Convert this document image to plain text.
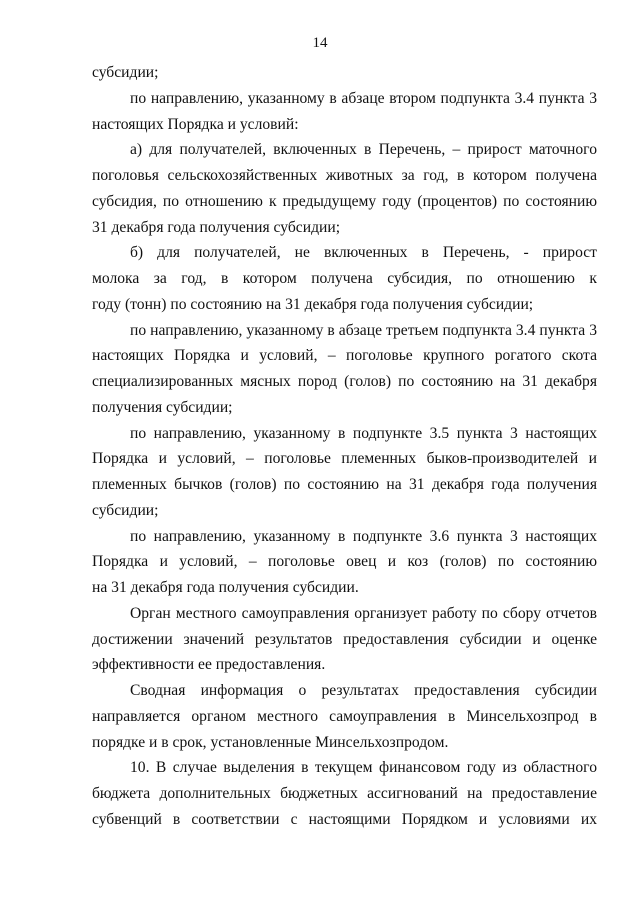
14
субсидии;
по направлению, указанному в абзаце втором подпункта 3.4 пункта 3
настоящих Порядка и условий:
а) для получателей, включенных в Перечень, – прирост маточного
поголовья сельскохозяйственных животных за год, в котором получена
субсидия, по отношению к предыдущему году (процентов) по состоянию
31 декабря года получения субсидии;
б) для получателей, не включенных в Перечень, - прирост
молока за год, в котором получена субсидия, по отношению к
году (тонн) по состоянию на 31 декабря года получения субсидии;
по направлению, указанному в абзаце третьем подпункта 3.4 пункта 3
настоящих Порядка и условий, – поголовье крупного рогатого скота
специализированных мясных пород (голов) по состоянию на 31 декабря
получения субсидии;
по направлению, указанному в подпункте 3.5 пункта 3 настоящих
Порядка и условий, – поголовье племенных быков-производителей и
племенных бычков (голов) по состоянию на 31 декабря года получения
субсидии;
по направлению, указанному в подпункте 3.6 пункта 3 настоящих
Порядка и условий, – поголовье овец и коз (голов) по состоянию
на 31 декабря года получения субсидии.
Орган местного самоуправления организует работу по сбору отчетов
достижении значений результатов предоставления субсидии и оценке
эффективности ее предоставления.
Сводная информация о результатах предоставления субсидии
направляется органом местного самоуправления в Минсельхозпрод в
порядке и в срок, установленные Минсельхозпродом.
10. В случае выделения в текущем финансовом году из областного
бюджета дополнительных бюджетных ассигнований на предоставление
субвенций в соответствии с настоящими Порядком и условиями их
